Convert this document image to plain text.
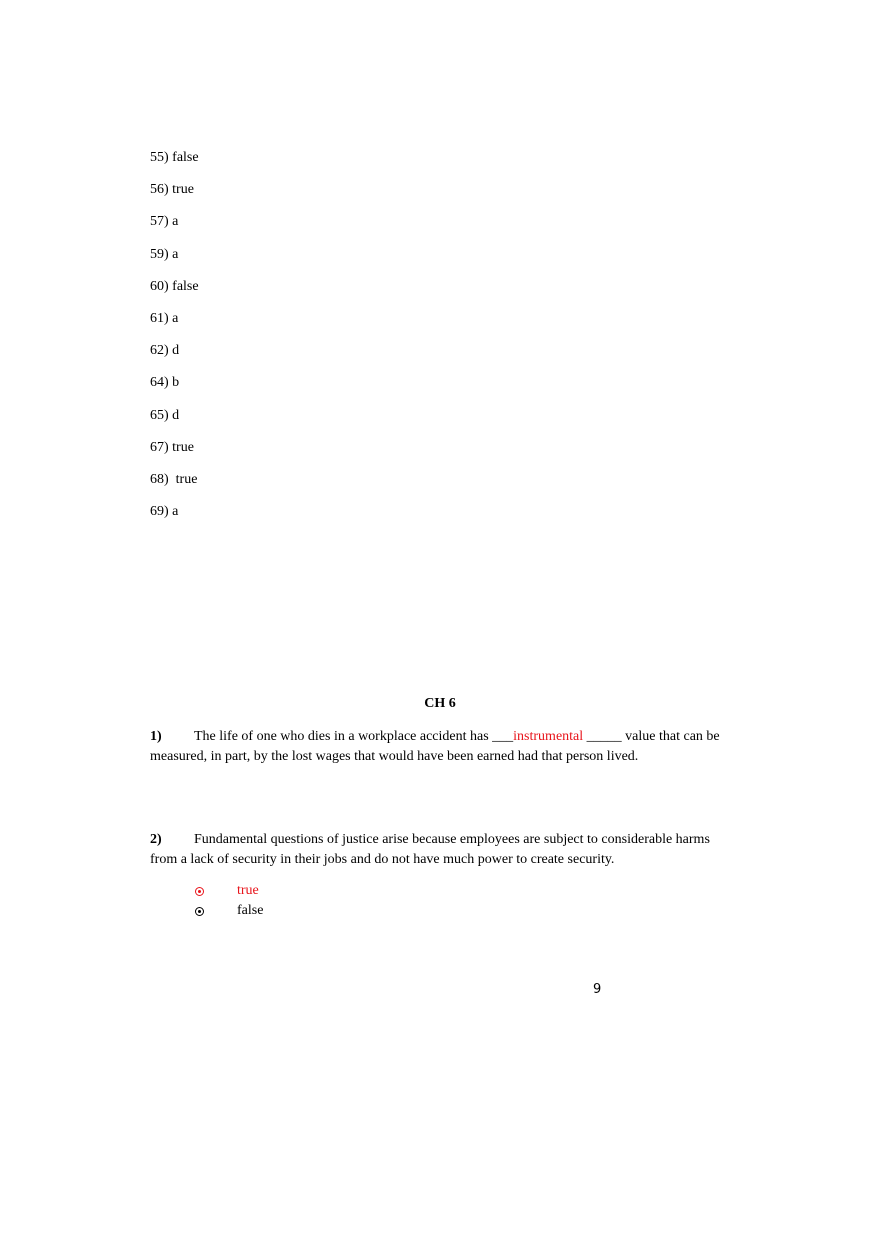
55) false
56) true
57) a
59) a
60) false
61) a
62) d
64) b
65) d
67) true
68)  true
69) a
CH 6

1) The life of one who dies in a workplace accident has ___instrumental _____ value that can be measured, in part, by the lost wages that would have been earned had that person lived.

2) Fundamental questions of justice arise because employees are subject to considerable harms from a lack of security in their jobs and do not have much power to create security.

true
false

9
